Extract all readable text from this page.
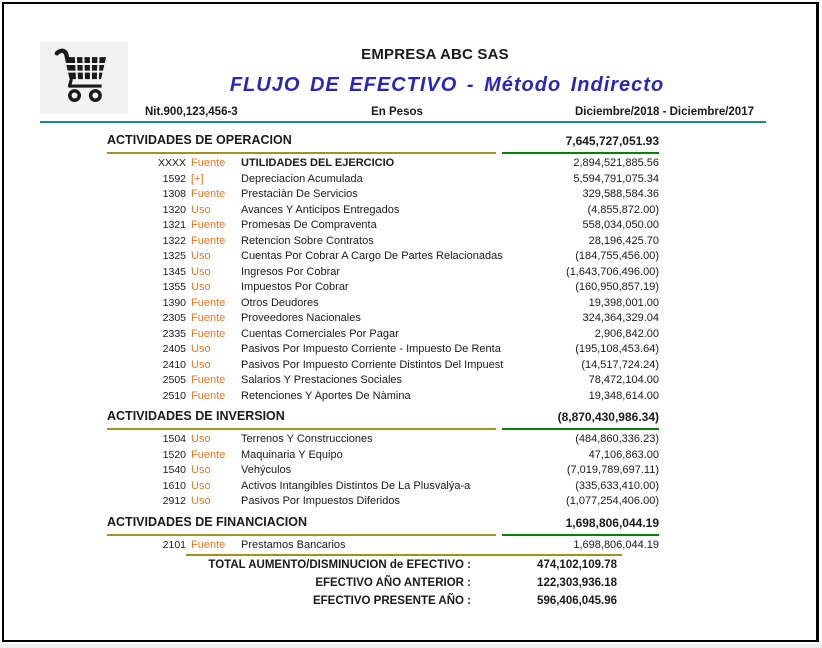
EMPRESA ABC SAS
FLUJO DE EFECTIVO - Método Indirecto
Nit.900,123,456-3	En Pesos	Diciembre/2018 - Diciembre/2017
ACTIVIDADES DE OPERACION	7,645,727,051.93
XXXX Fuente	UTILIDADES DEL EJERCICIO	2,894,521,885.56
1592 [+]	Depreciacion Acumulada	5,594,791,075.34
1308 Fuente	Prestaciàn De Servicios	329,588,584.36
1320 Uso	Avances Y Anticipos Entregados	(4,855,872.00)
1321 Fuente	Promesas De Compraventa	558,034,050.00
1322 Fuente	Retencion Sobre Contratos	28,196,425.70
1325 Uso	Cuentas Por Cobrar A Cargo De Partes Relacionadas	(184,755,456.00)
1345 Uso	Ingresos Por Cobrar	(1,643,706,496.00)
1355 Uso	Impuestos Por Cobrar	(160,950,857.19)
1390 Fuente	Otros Deudores	19,398,001.00
2305 Fuente	Proveedores Nacionales	324,364,329.04
2335 Fuente	Cuentas Comerciales Por Pagar	2,906,842.00
2405 Uso	Pasivos Por Impuesto Corriente - Impuesto De Renta	(195,108,453.64)
2410 Uso	Pasivos Por Impuesto Corriente Distintos Del Impuest	(14,517,724.24)
2505 Fuente	Salarios Y Prestaciones Sociales	78,472,104.00
2510 Fuente	Retenciones Y Aportes De Nàmina	19,348,614.00
ACTIVIDADES DE INVERSION	(8,870,430,986.34)
1504 Uso	Terrenos Y Construcciones	(484,860,336.23)
1520 Fuente	Maquinaria Y Equipo	47,106,863.00
1540 Uso	Vehýculos	(7,019,789,697.11)
1610 Uso	Activos Intangibles Distintos De La Plusvalýa-a	(335,633,410.00)
2912 Uso	Pasivos Por Impuestos Diferidos	(1,077,254,406.00)
ACTIVIDADES DE FINANCIACION	1,698,806,044.19
2101 Fuente	Prestamos Bancarios	1,698,806,044.19
TOTAL AUMENTO/DISMINUCION de EFECTIVO :	474,102,109.78
EFECTIVO AÑO ANTERIOR :	122,303,936.18
EFECTIVO PRESENTE AÑO :	596,406,045.96
